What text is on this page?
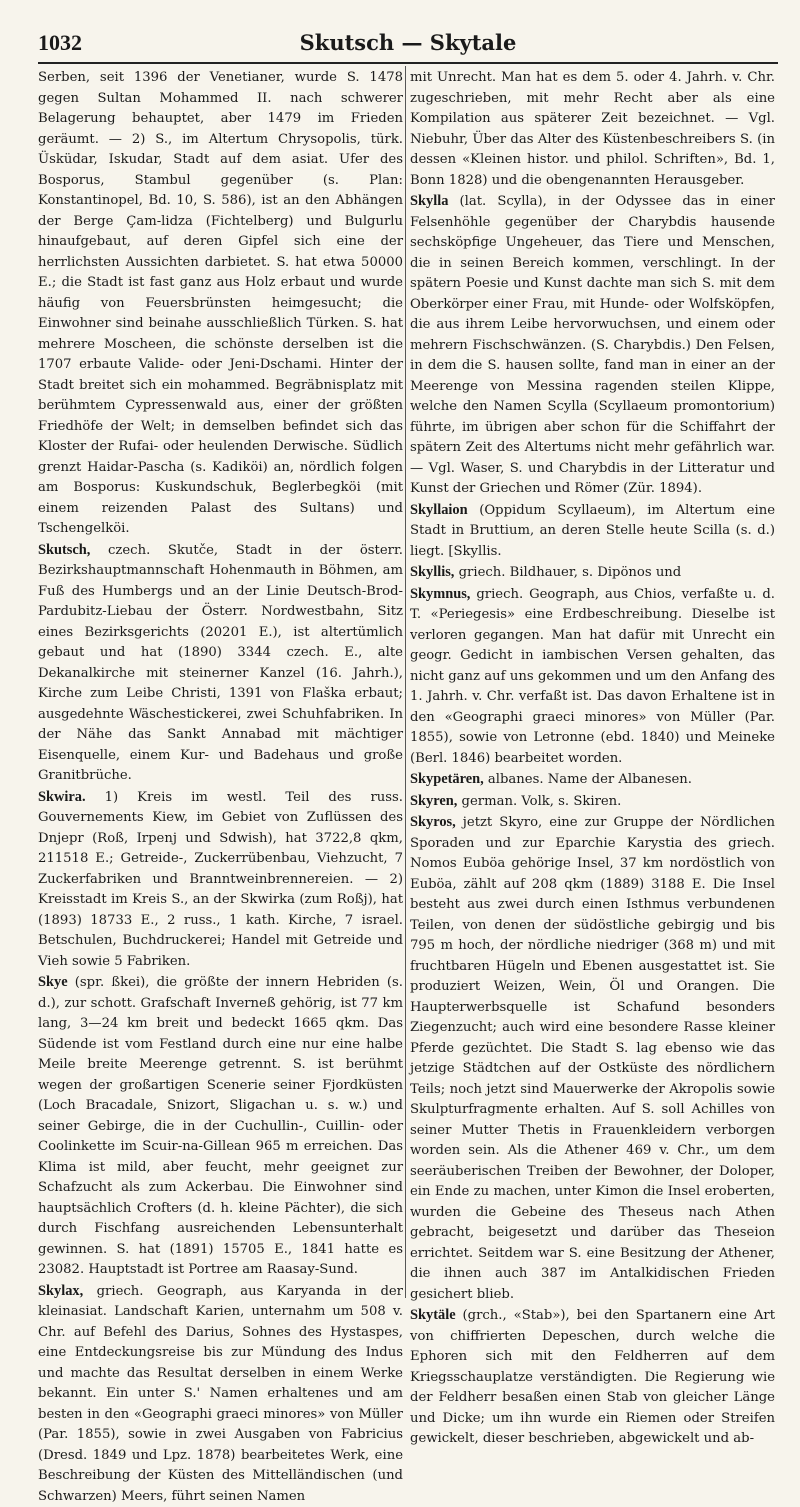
1032	Skutsch — Skytale

Serben, seit 1396 der Venetianer, wurde S. 1478 gegen Sultan Mohammed II. nach schwerer Belagerung behauptet, aber 1479 im Frieden geräumt. — 2) S., im Altertum Chrysopolis, türk. Üsküdar, Iskudar, Stadt auf dem asiat. Ufer des Bosporus, Stambul gegenüber (s. Plan: Konstantinopel, Bd. 10, S. 586), ist an den Abhängen der Berge Çam-lidza (Fichtelberg) und Bulgurlu hinaufgebaut, auf deren Gipfel sich eine der herrlichsten Aussichten darbietet. S. hat etwa 50000 E.; die Stadt ist fast ganz aus Holz erbaut und wurde häufig von Feuersbrünsten heimgesucht; die Einwohner sind beinahe ausschließlich Türken. S. hat mehrere Moscheen, die schönste derselben ist die 1707 erbaute Valide- oder Jeni-Dschami. Hinter der Stadt breitet sich ein mohammed. Begräbnisplatz mit berühmtem Cypressenwald aus, einer der größten Friedhöfe der Welt; in demselben befindet sich das Kloster der Rufai- oder heulenden Derwische. Südlich grenzt Haidar-Pascha (s. Kadiköi) an, nördlich folgen am Bosporus: Kuskundschuk, Beglerbegköi (mit einem reizenden Palast des Sultans) und Tschengelköi.

Skutsch, czech. Skutče, Stadt in der österr. Bezirkshauptmannschaft Hohenmauth in Böhmen, am Fuß des Humbergs und an der Linie Deutsch-Brod-Pardubitz-Liebau der Österr. Nordwestbahn, Sitz eines Bezirksgerichts (20201 E.), ist altertümlich gebaut und hat (1890) 3344 czech. E., alte Dekanalkirche mit steinerner Kanzel (16. Jahrh.), Kirche zum Leibe Christi, 1391 von Flaška erbaut; ausgedehnte Wäschestickerei, zwei Schuhfabriken. In der Nähe das Sankt Annabad mit mächtiger Eisenquelle, einem Kur- und Badehaus und große Granitbrüche.

Skwira. 1) Kreis im westl. Teil des russ. Gouvernements Kiew, im Gebiet von Zuflüssen des Dnjepr (Roß, Irpenj und Sdwish), hat 3722,8 qkm, 211518 E.; Getreide-, Zuckerrübenbau, Viehzucht, 7 Zuckerfabriken und Branntweinbrennereien. — 2) Kreisstadt im Kreis S., an der Skwirka (zum Roßj), hat (1893) 18733 E., 2 russ., 1 kath. Kirche, 7 israel. Betschulen, Buchdruckerei; Handel mit Getreide und Vieh sowie 5 Fabriken.

Skye (spr. ßkei), die größte der innern Hebriden (s. d.), zur schott. Grafschaft Inverneß gehörig, ist 77 km lang, 3—24 km breit und bedeckt 1665 qkm. Das Südende ist vom Festland durch eine nur eine halbe Meile breite Meerenge getrennt. S. ist berühmt wegen der großartigen Scenerie seiner Fjordküsten (Loch Bracadale, Snizort, Sligachan u. s. w.) und seiner Gebirge, die in der Cuchullin-, Cuillin- oder Coolinkette im Scuir-na-Gillean 965 m erreichen. Das Klima ist mild, aber feucht, mehr geeignet zur Schafzucht als zum Ackerbau. Die Einwohner sind hauptsächlich Crofters (d. h. kleine Pächter), die sich durch Fischfang ausreichenden Lebensunterhalt gewinnen. S. hat (1891) 15705 E., 1841 hatte es 23082. Hauptstadt ist Portree am Raasay-Sund.

Skylax, griech. Geograph, aus Karyanda in der kleinasiat. Landschaft Karien, unternahm um 508 v. Chr. auf Befehl des Darius, Sohnes des Hystaspes, eine Entdeckungsreise bis zur Mündung des Indus und machte das Resultat derselben in einem Werke bekannt. Ein unter S.' Namen erhaltenes und am besten in den «Geographi graeci minores» von Müller (Par. 1855), sowie in zwei Ausgaben von Fabricius (Dresd. 1849 und Lpz. 1878) bearbeitetes Werk, eine Beschreibung der Küsten des Mittelländischen (und Schwarzen) Meers, führt seinen Namen

mit Unrecht. Man hat es dem 5. oder 4. Jahrh. v. Chr. zugeschrieben, mit mehr Recht aber als eine Kompilation aus späterer Zeit bezeichnet. — Vgl. Niebuhr, Über das Alter des Küstenbeschreibers S. (in dessen «Kleinen histor. und philol. Schriften», Bd. 1, Bonn 1828) und die obengenannten Herausgeber.

Skylla (lat. Scylla), in der Odyssee das in einer Felsenhöhle gegenüber der Charybdis hausende sechsköpfige Ungeheuer, das Tiere und Menschen, die in seinen Bereich kommen, verschlingt. In der spätern Poesie und Kunst dachte man sich S. mit dem Oberkörper einer Frau, mit Hunde- oder Wolfsköpfen, die aus ihrem Leibe hervorwuchsen, und einem oder mehrern Fischschwänzen. (S. Charybdis.) Den Felsen, in dem die S. hausen sollte, fand man in einer an der Meerenge von Messina ragenden steilen Klippe, welche den Namen Scylla (Scyllaeum promontorium) führte, im übrigen aber schon für die Schiffahrt der spätern Zeit des Altertums nicht mehr gefährlich war. — Vgl. Waser, S. und Charybdis in der Litteratur und Kunst der Griechen und Römer (Zür. 1894).

Skyllaion (Oppidum Scyllaeum), im Altertum eine Stadt in Bruttium, an deren Stelle heute Scilla (s. d.) liegt. [Skyllis.

Skyllis, griech. Bildhauer, s. Dipönos und

Skymnus, griech. Geograph, aus Chios, verfaßte u. d. T. «Periegesis» eine Erdbeschreibung. Dieselbe ist verloren gegangen. Man hat dafür mit Unrecht ein geogr. Gedicht in iambischen Versen gehalten, das nicht ganz auf uns gekommen und um den Anfang des 1. Jahrh. v. Chr. verfaßt ist. Das davon Erhaltene ist in den «Geographi graeci minores» von Müller (Par. 1855), sowie von Letronne (ebd. 1840) und Meineke (Berl. 1846) bearbeitet worden.

Skypetären, albanes. Name der Albanesen.

Skyren, german. Volk, s. Skiren.

Skyros, jetzt Skyro, eine zur Gruppe der Nördlichen Sporaden und zur Eparchie Karystia des griech. Nomos Euböa gehörige Insel, 37 km nordöstlich von Euböa, zählt auf 208 qkm (1889) 3188 E. Die Insel besteht aus zwei durch einen Isthmus verbundenen Teilen, von denen der südöstliche gebirgig und bis 795 m hoch, der nördliche niedriger (368 m) und mit fruchtbaren Hügeln und Ebenen ausgestattet ist. Sie produziert Weizen, Wein, Öl und Orangen. Die Haupterwerbsquelle ist Schafund besonders Ziegenzucht; auch wird eine besondere Rasse kleiner Pferde gezüchtet. Die Stadt S. lag ebenso wie das jetzige Städtchen auf der Ostküste des nördlichern Teils; noch jetzt sind Mauerwerke der Akropolis sowie Skulpturfragmente erhalten. Auf S. soll Achilles von seiner Mutter Thetis in Frauenkleidern verborgen worden sein. Als die Athener 469 v. Chr., um dem seeräuberischen Treiben der Bewohner, der Doloper, ein Ende zu machen, unter Kimon die Insel eroberten, wurden die Gebeine des Theseus nach Athen gebracht, beigesetzt und darüber das Theseion errichtet. Seitdem war S. eine Besitzung der Athener, die ihnen auch 387 im Antalkidischen Frieden gesichert blieb.

Skytäle (grch., «Stab»), bei den Spartanern eine Art von chiffrierten Depeschen, durch welche die Ephoren sich mit den Feldherren auf dem Kriegsschauplatze verständigten. Die Regierung wie der Feldherr besaßen einen Stab von gleicher Länge und Dicke; um ihn wurde ein Riemen oder Streifen gewickelt, dieser beschrieben, abgewickelt und ab-
